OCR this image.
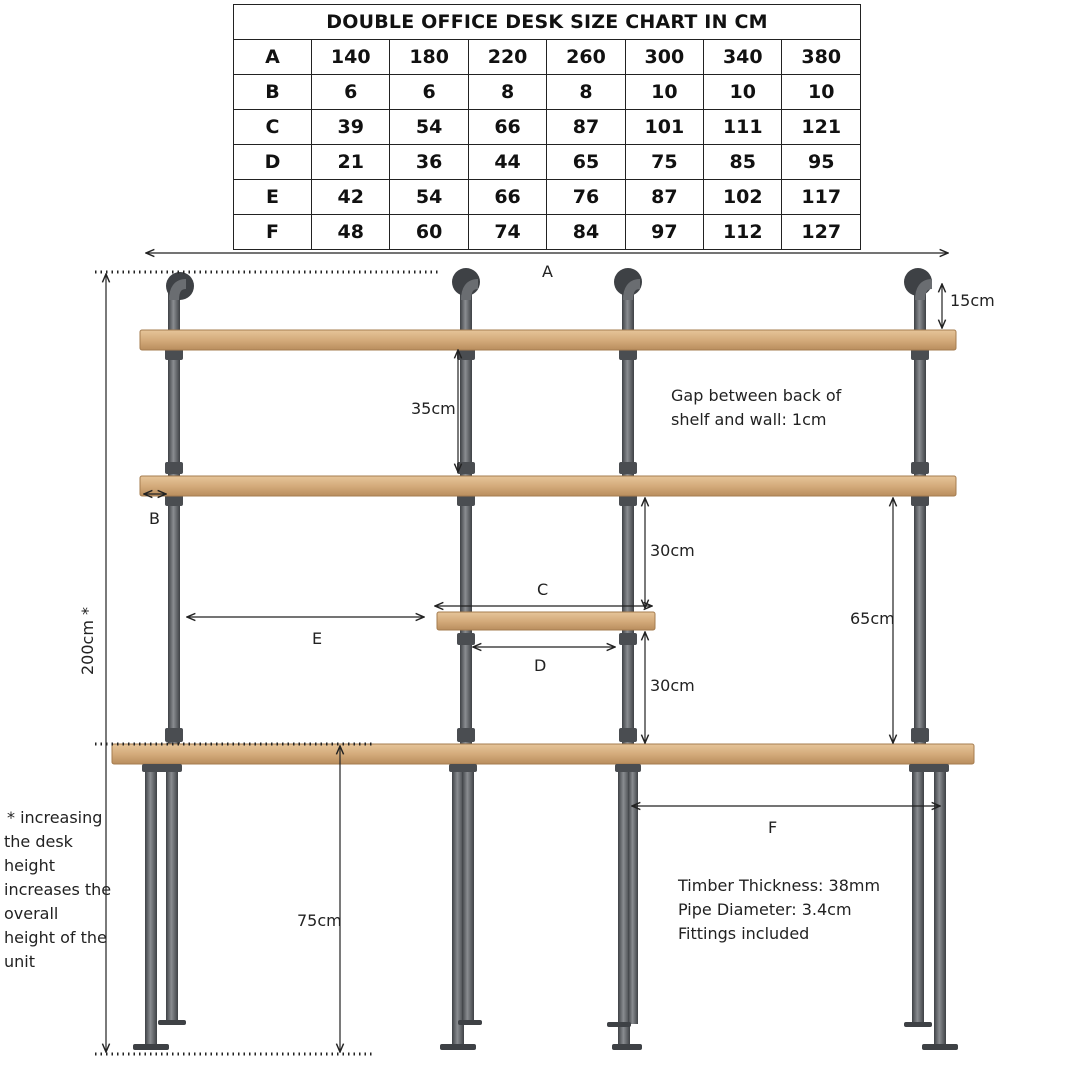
DOUBLE OFFICE DESK SIZE CHART IN CM							
A	140	180	220	260	300	340	380
B	6	6	8	8	10	10	10
C	39	54	66	87	101	111	121
D	21	36	44	65	75	85	95
E	42	54	66	76	87	102	117
F	48	60	74	84	97	112	127
A
15cm
35cm
B
30cm
C
65cm
E
D
30cm
F
75cm
200cm *
Gap between back of
shelf and wall: 1cm
Timber Thickness: 38mm
Pipe Diameter: 3.4cm
Fittings included
* increasing
the desk
height
increases the
overall
height of the
unit
